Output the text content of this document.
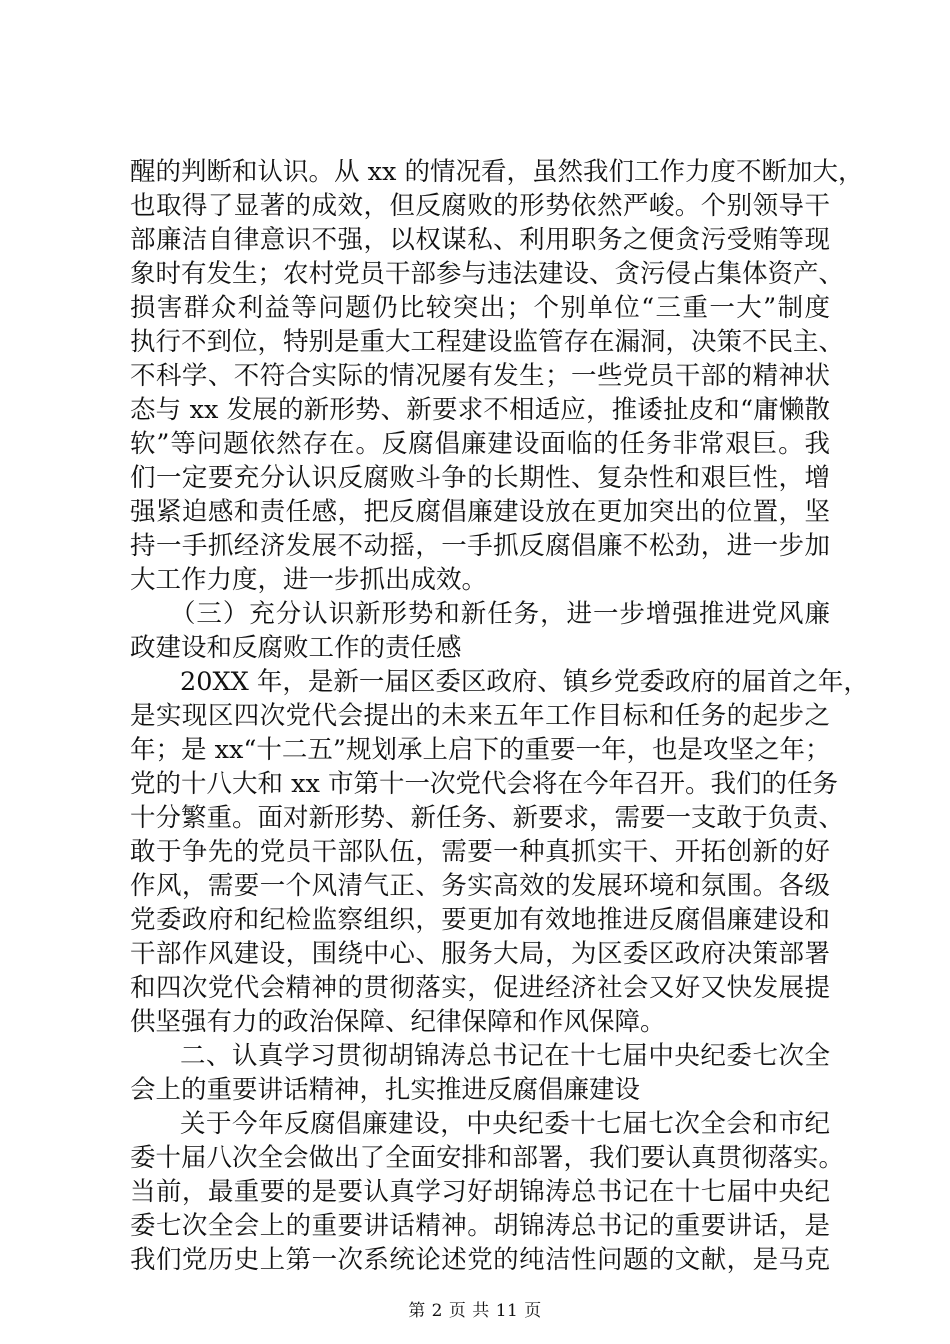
醒的判断和认识。从 xx 的情况看，虽然我们工作力度不断加大，
也取得了显著的成效，但反腐败的形势依然严峻。个别领导干
部廉洁自律意识不强，以权谋私、利用职务之便贪污受贿等现
象时有发生；农村党员干部参与违法建设、贪污侵占集体资产、
损害群众利益等问题仍比较突出；个别单位“三重一大”制度
执行不到位，特别是重大工程建设监管存在漏洞，决策不民主、
不科学、不符合实际的情况屡有发生；一些党员干部的精神状
态与 xx 发展的新形势、新要求不相适应，推诿扯皮和“庸懒散
软”等问题依然存在。反腐倡廉建设面临的任务非常艰巨。我
们一定要充分认识反腐败斗争的长期性、复杂性和艰巨性，增
强紧迫感和责任感，把反腐倡廉建设放在更加突出的位置，坚
持一手抓经济发展不动摇，一手抓反腐倡廉不松劲，进一步加
大工作力度，进一步抓出成效。
（三）充分认识新形势和新任务，进一步增强推进党风廉
政建设和反腐败工作的责任感
20XX 年，是新一届区委区政府、镇乡党委政府的届首之年，
是实现区四次党代会提出的未来五年工作目标和任务的起步之
年；是 xx“十二五”规划承上启下的重要一年，也是攻坚之年；
党的十八大和 xx 市第十一次党代会将在今年召开。我们的任务
十分繁重。面对新形势、新任务、新要求，需要一支敢于负责、
敢于争先的党员干部队伍，需要一种真抓实干、开拓创新的好
作风，需要一个风清气正、务实高效的发展环境和氛围。各级
党委政府和纪检监察组织，要更加有效地推进反腐倡廉建设和
干部作风建设，围绕中心、服务大局，为区委区政府决策部署
和四次党代会精神的贯彻落实，促进经济社会又好又快发展提
供坚强有力的政治保障、纪律保障和作风保障。
二、认真学习贯彻胡锦涛总书记在十七届中央纪委七次全
会上的重要讲话精神，扎实推进反腐倡廉建设
关于今年反腐倡廉建设，中央纪委十七届七次全会和市纪
委十届八次全会做出了全面安排和部署，我们要认真贯彻落实。
当前，最重要的是要认真学习好胡锦涛总书记在十七届中央纪
委七次全会上的重要讲话精神。胡锦涛总书记的重要讲话，是
我们党历史上第一次系统论述党的纯洁性问题的文献，是马克
第 2 页 共 11 页
